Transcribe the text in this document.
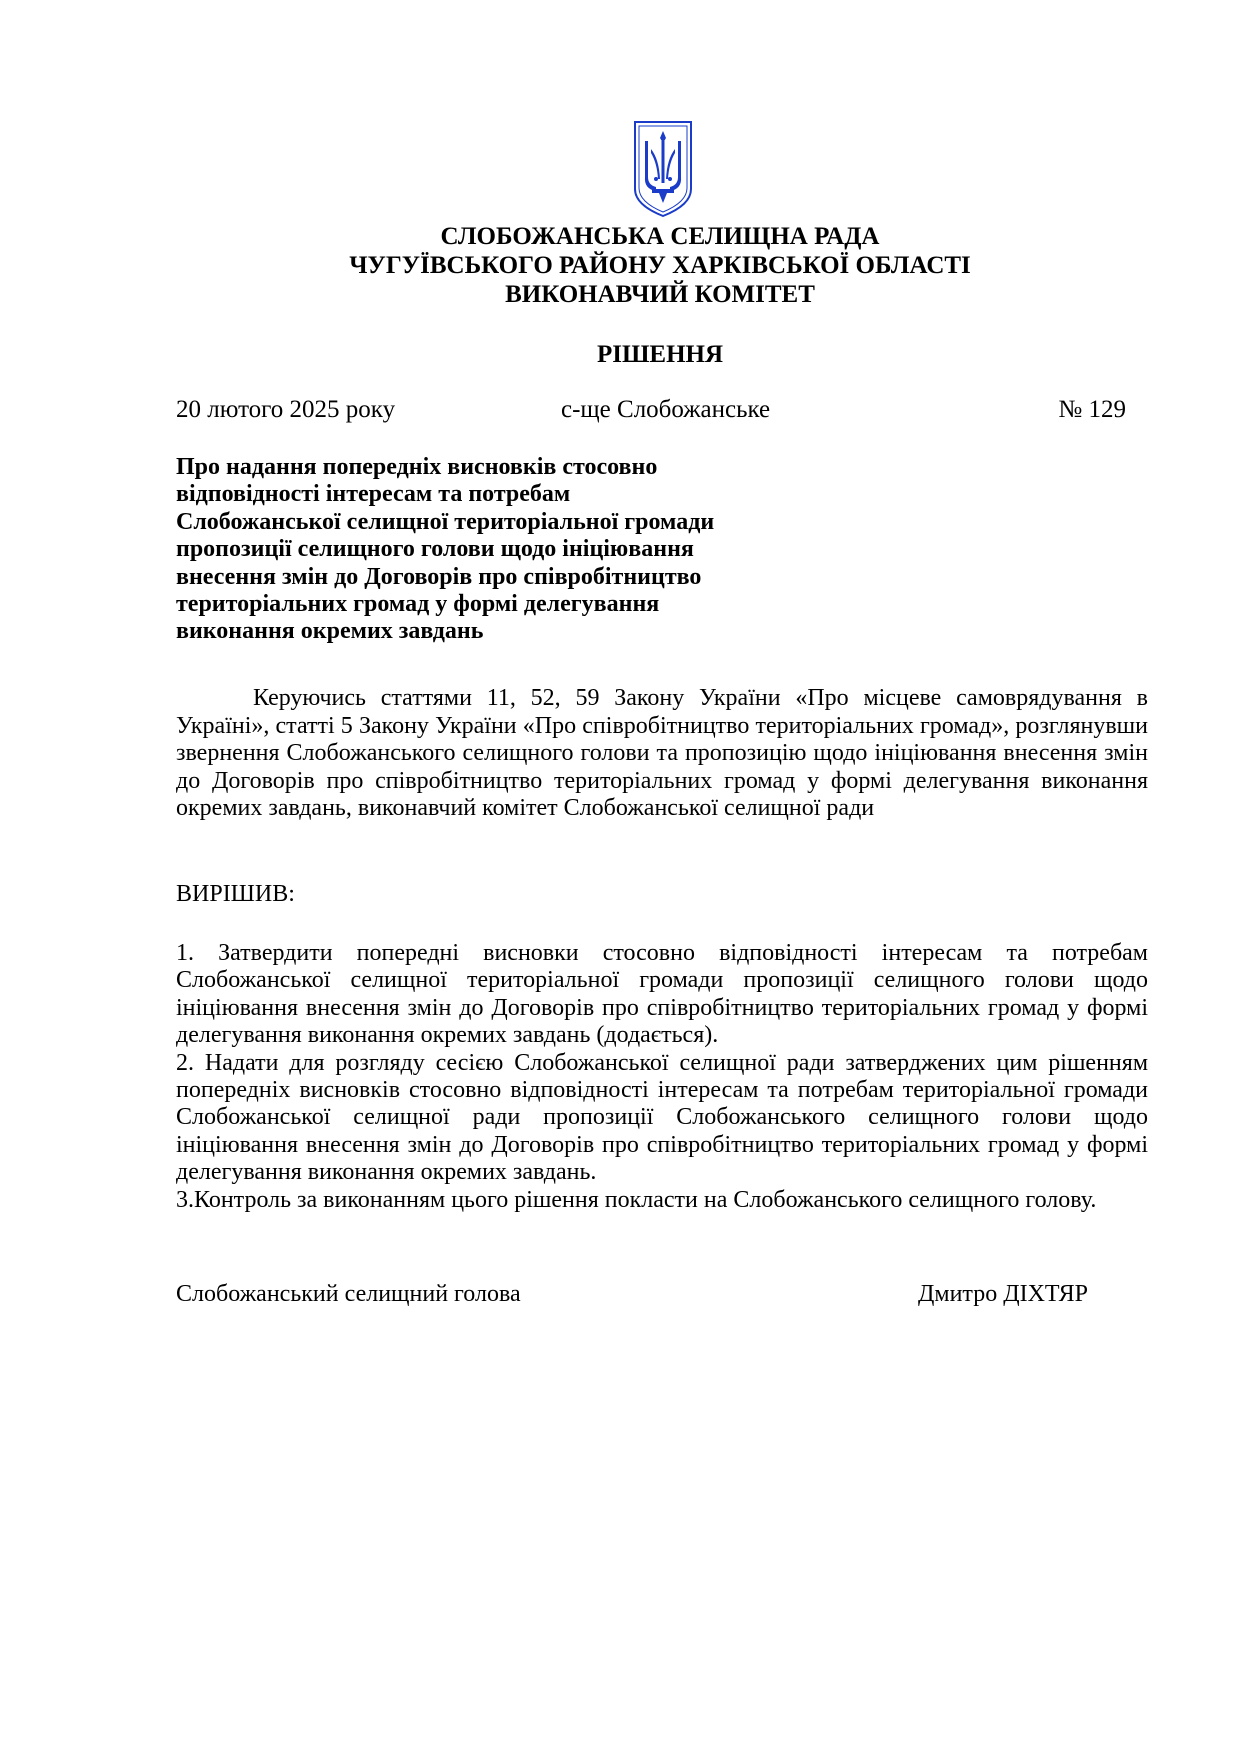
СЛОБОЖАНСЬКА СЕЛИЩНА РАДА
ЧУГУЇВСЬКОГО РАЙОНУ ХАРКІВСЬКОЇ ОБЛАСТІ
ВИКОНАВЧИЙ КОМІТЕТ
РІШЕННЯ
20 лютого 2025 року	с-ще Слобожанське	№ 129
Про надання попередніх висновків стосовно
відповідності інтересам та потребам
Слобожанської селищної територіальної громади
пропозиції селищного голови щодо ініціювання
внесення змін до Договорів про співробітництво
територіальних громад у формі делегування
виконання окремих завдань
Керуючись статтями 11, 52, 59 Закону України «Про місцеве самоврядування в Україні», статті 5 Закону України «Про співробітництво територіальних громад», розглянувши звернення Слобожанського селищного голови та пропозицію щодо ініціювання внесення змін до Договорів про співробітництво територіальних громад у формі делегування виконання окремих завдань, виконавчий комітет Слобожанської селищної ради
ВИРІШИВ:

1. Затвердити попередні висновки стосовно відповідності інтересам та потребам Слобожанської селищної територіальної громади пропозиції селищного голови щодо ініціювання внесення змін до Договорів про співробітництво територіальних громад у формі делегування виконання окремих завдань (додається).

2. Надати для розгляду сесією Слобожанської селищної ради затверджених цим рішенням попередніх висновків стосовно відповідності інтересам та потребам територіальної громади Слобожанської селищної ради пропозиції Слобожанського селищного голови щодо ініціювання внесення змін до Договорів про співробітництво територіальних громад у формі делегування виконання окремих завдань.

3.Контроль за виконанням цього рішення покласти на Слобожанського селищного голову.

Слобожанський селищний голова	Дмитро ДІХТЯР
